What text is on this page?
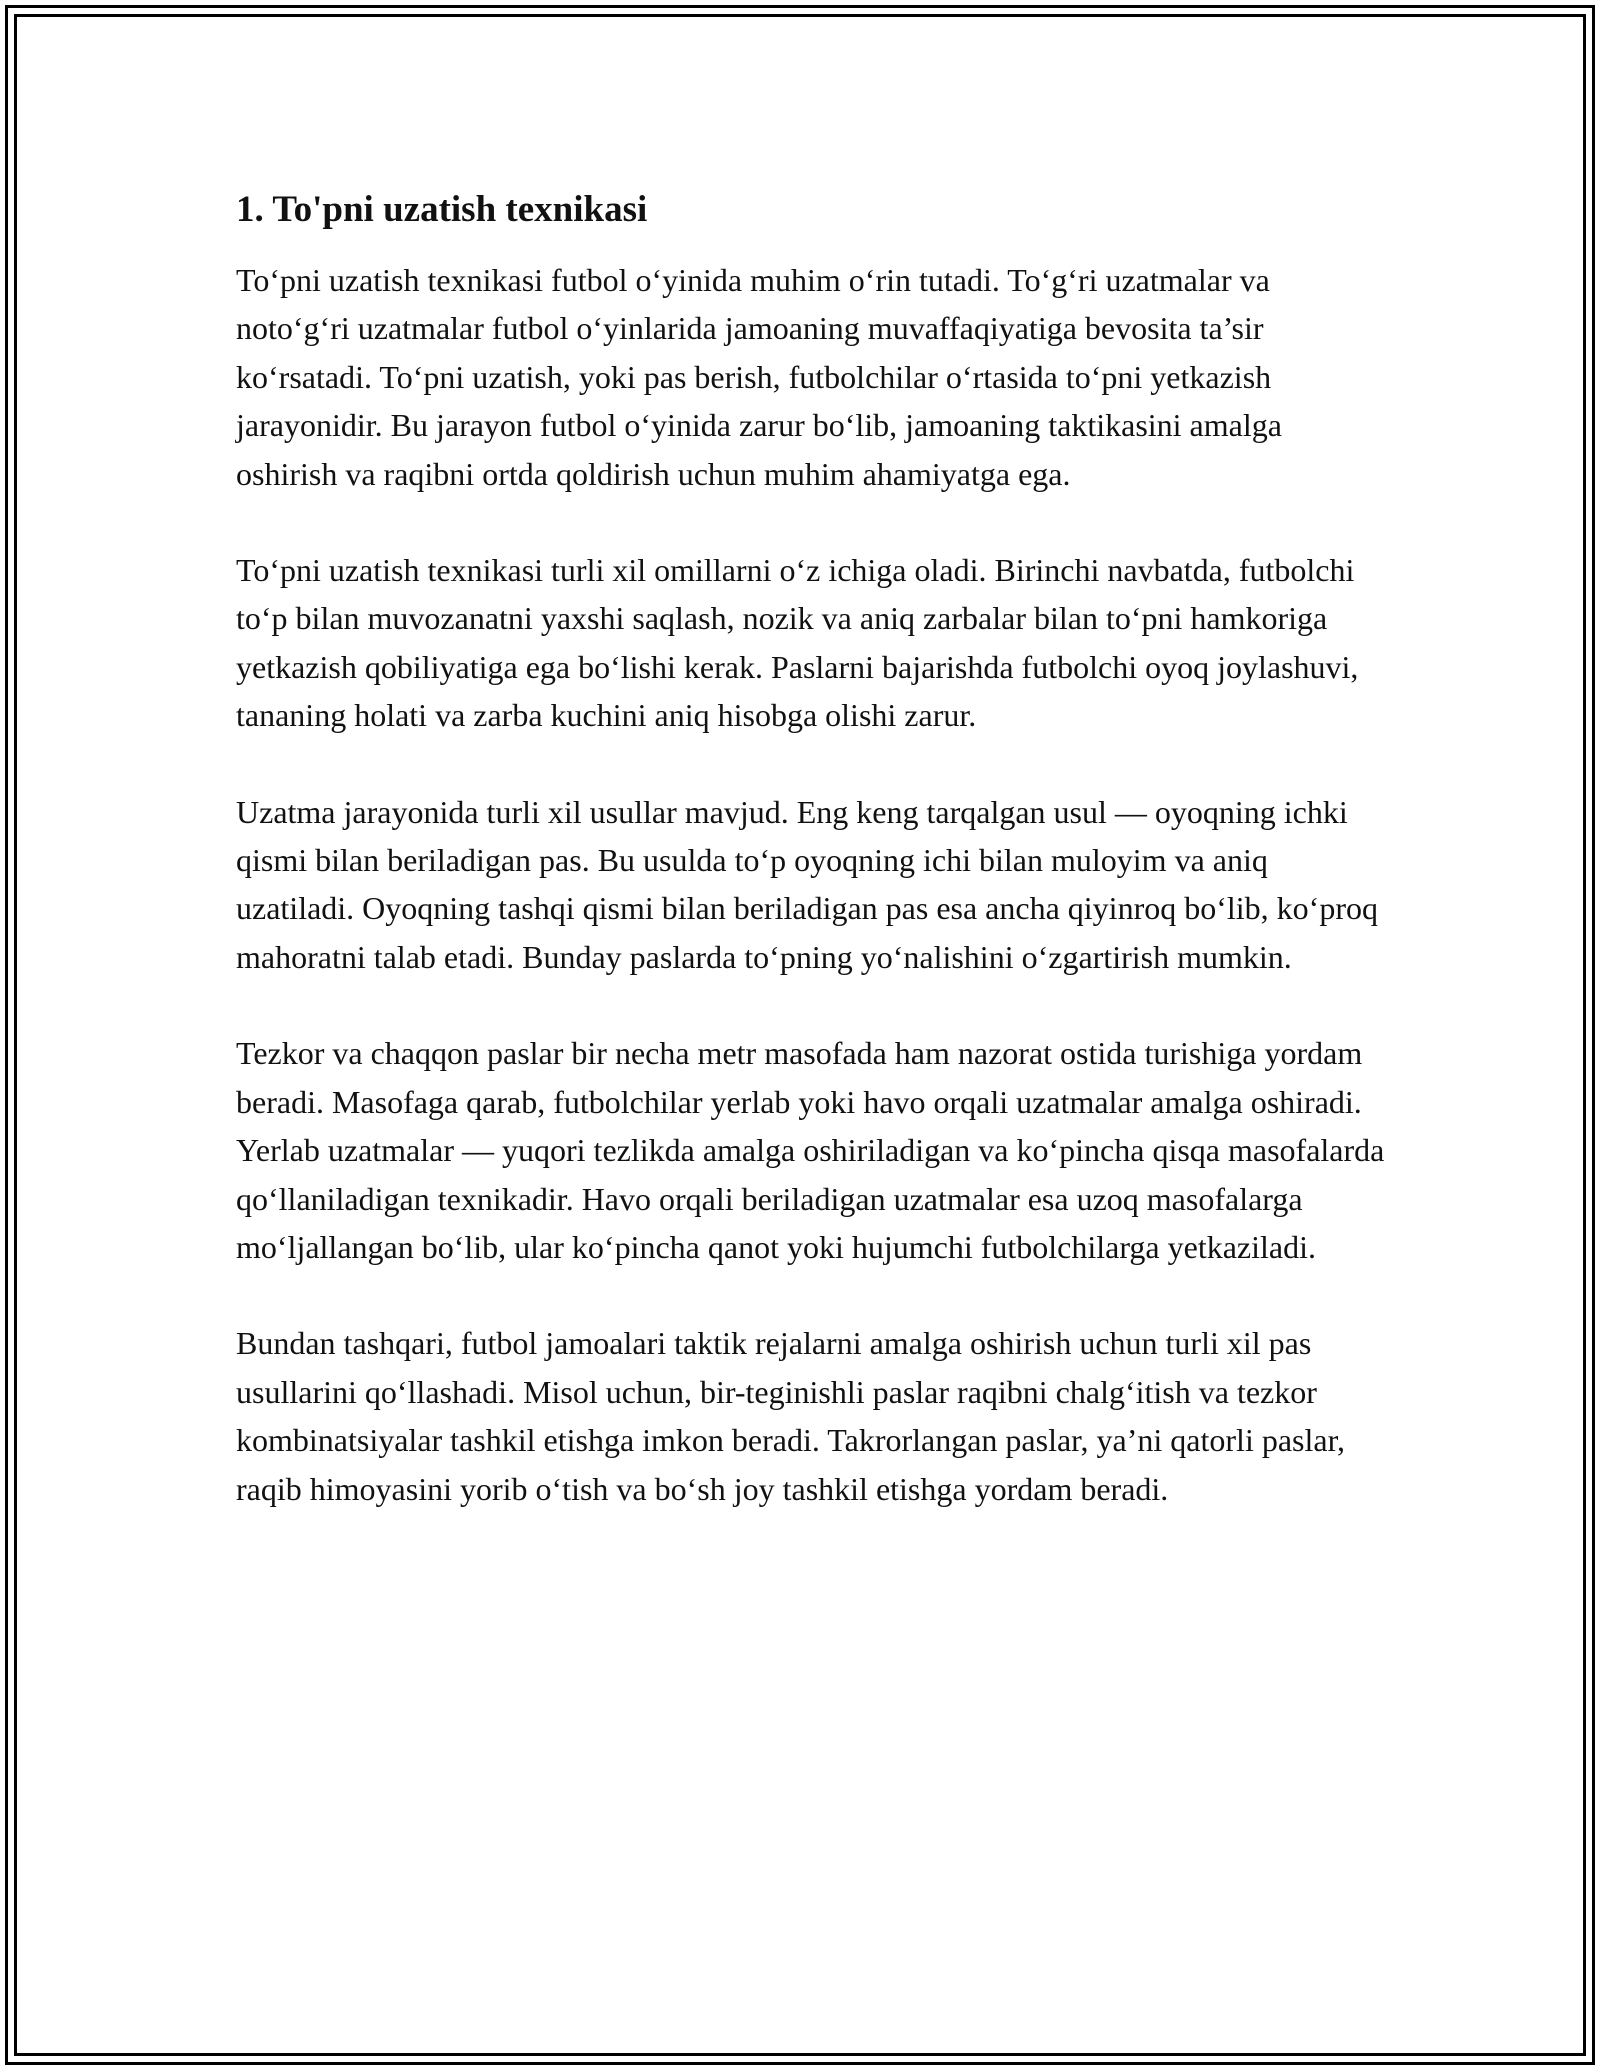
1. To'pni uzatish texnikasi

To‘pni uzatish texnikasi futbol o‘yinida muhim o‘rin tutadi. To‘g‘ri uzatmalar va noto‘g‘ri uzatmalar futbol o‘yinlarida jamoaning muvaffaqiyatiga bevosita ta’sir ko‘rsatadi. To‘pni uzatish, yoki pas berish, futbolchilar o‘rtasida to‘pni yetkazish jarayonidir. Bu jarayon futbol o‘yinida zarur bo‘lib, jamoaning taktikasini amalga oshirish va raqibni ortda qoldirish uchun muhim ahamiyatga ega.

To‘pni uzatish texnikasi turli xil omillarni o‘z ichiga oladi. Birinchi navbatda, futbolchi to‘p bilan muvozanatni yaxshi saqlash, nozik va aniq zarbalar bilan to‘pni hamkoriga yetkazish qobiliyatiga ega bo‘lishi kerak. Paslarni bajarishda futbolchi oyoq joylashuvi, tananing holati va zarba kuchini aniq hisobga olishi zarur.

Uzatma jarayonida turli xil usullar mavjud. Eng keng tarqalgan usul — oyoqning ichki qismi bilan beriladigan pas. Bu usulda to‘p oyoqning ichi bilan muloyim va aniq uzatiladi. Oyoqning tashqi qismi bilan beriladigan pas esa ancha qiyinroq bo‘lib, ko‘proq mahoratni talab etadi. Bunday paslarda to‘pning yo‘nalishini o‘zgartirish mumkin.

Tezkor va chaqqon paslar bir necha metr masofada ham nazorat ostida turishiga yordam beradi. Masofaga qarab, futbolchilar yerlab yoki havo orqali uzatmalar amalga oshiradi. Yerlab uzatmalar — yuqori tezlikda amalga oshiriladigan va ko‘pincha qisqa masofalarda qo‘llaniladigan texnikadir. Havo orqali beriladigan uzatmalar esa uzoq masofalarga mo‘ljallangan bo‘lib, ular ko‘pincha qanot yoki hujumchi futbolchilarga yetkaziladi.

Bundan tashqari, futbol jamoalari taktik rejalarni amalga oshirish uchun turli xil pas usullarini qo‘llashadi. Misol uchun, bir-teginishli paslar raqibni chalg‘itish va tezkor kombinatsiyalar tashkil etishga imkon beradi. Takrorlangan paslar, ya’ni qatorli paslar, raqib himoyasini yorib o‘tish va bo‘sh joy tashkil etishga yordam beradi.
